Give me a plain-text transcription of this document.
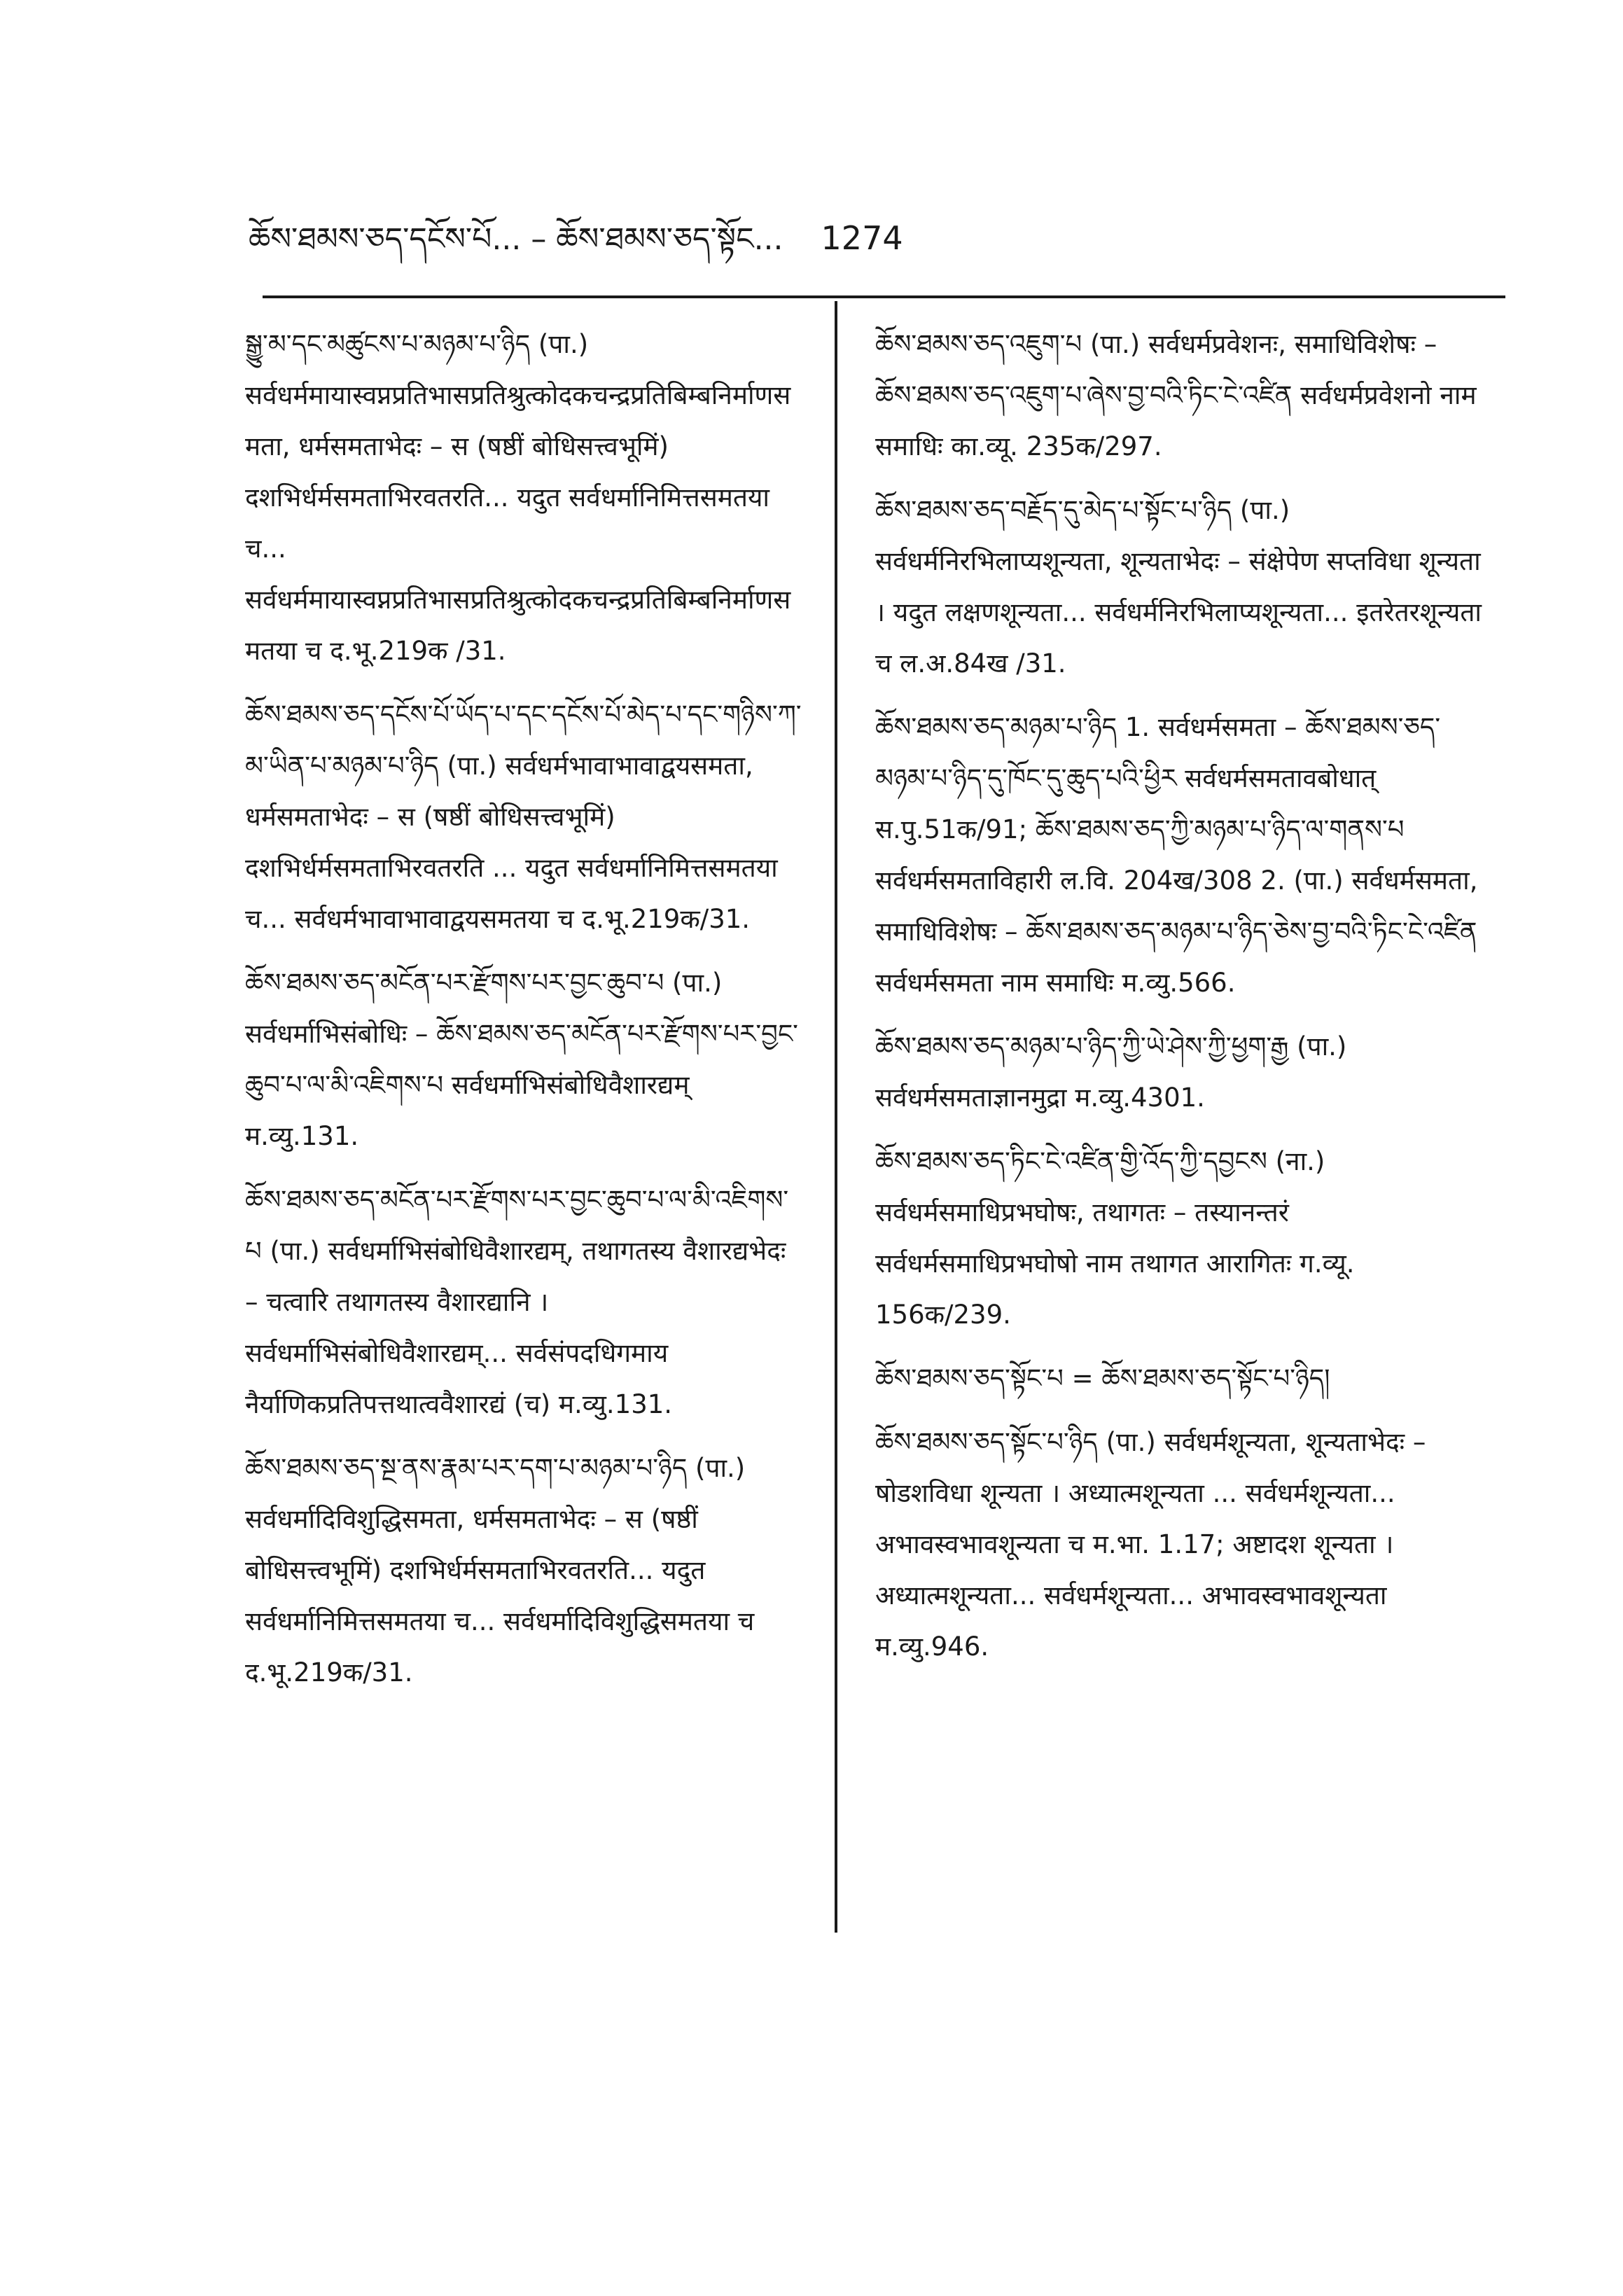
ཆོས་ཐམས་ཅད་དངོས་པོ... – ཆོས་ཐམས་ཅད་སྟོང... 1274
སྒྱུ་མ་དང་མཚུངས་པ་མཉམ་པ་ཉིད (पा.) सर्वधर्ममायास्वप्नप्रतिभासप्रतिश्रुत्कोदकचन्द्रप्रतिबिम्बनिर्माणसमता, धर्मसमताभेदः – स (षष्ठीं बोधिसत्त्वभूमिं) दशभिर्धर्मसमताभिरवतरति... यदुत सर्वधर्मानिमित्तसमतया च... सर्वधर्ममायास्वप्नप्रतिभासप्रतिश्रुत्कोदकचन्द्रप्रतिबिम्बनिर्माणसमतया च द.भू.219क /31.
ཆོས་ཐམས་ཅད་དངོས་པོ་ཡོད་པ་དང་དངོས་པོ་མེད་པ་དང་གཉིས་ཀ་མ་ཡིན་པ་མཉམ་པ་ཉིད (पा.) सर्वधर्मभावाभावाद्वयसमता, धर्मसमताभेदः – स (षष्ठीं बोधिसत्त्वभूमिं) दशभिर्धर्मसमताभिरवतरति ... यदुत सर्वधर्मानिमित्तसमतया च... सर्वधर्मभावाभावाद्वयसमतया च द.भू.219क/31.
ཆོས་ཐམས་ཅད་མངོན་པར་རྫོགས་པར་བྱང་ཆུབ་པ (पा.) सर्वधर्माभिसंबोधिः – ཆོས་ཐམས་ཅད་མངོན་པར་རྫོགས་པར་བྱང་ཆུབ་པ་ལ་མི་འཇིགས་པ सर्वधर्माभिसंबोधिवैशारद्यम् म.व्यु.131.
ཆོས་ཐམས་ཅད་མངོན་པར་རྫོགས་པར་བྱང་ཆུབ་པ་ལ་མི་འཇིགས་པ (पा.) सर्वधर्माभिसंबोधिवैशारद्यम्, तथागतस्य वैशारद्यभेदः – चत्वारि तथागतस्य वैशारद्यानि । सर्वधर्माभिसंबोधिवैशारद्यम्... सर्वसंपदधिगमाय नैर्याणिकप्रतिपत्तथात्ववैशारद्यं (च) म.व्यु.131.
ཆོས་ཐམས་ཅད་སྔ་ནས་རྣམ་པར་དག་པ་མཉམ་པ་ཉིད (पा.) सर्वधर्मादिविशुद्धिसमता, धर्मसमताभेदः – स (षष्ठीं बोधिसत्त्वभूमिं) दशभिर्धर्मसमताभिरवतरति... यदुत सर्वधर्मानिमित्तसमतया च... सर्वधर्मादिविशुद्धिसमतया च द.भू.219क/31.
ཆོས་ཐམས་ཅད་འཇུག་པ (पा.) सर्वधर्मप्रवेशनः, समाधिविशेषः – ཆོས་ཐམས་ཅད་འཇུག་པ་ཞེས་བྱ་བའི་ཏིང་ངེ་འཛིན सर्वधर्मप्रवेशनो नाम समाधिः का.व्यू. 235क/297.
ཆོས་ཐམས་ཅད་བརྗོད་དུ་མེད་པ་སྟོང་པ་ཉིད (पा.) सर्वधर्मनिरभिलाप्यशून्यता, शून्यताभेदः – संक्षेपेण सप्तविधा शून्यता । यदुत लक्षणशून्यता... सर्वधर्मनिरभिलाप्यशून्यता... इतरेतरशून्यता च ल.अ.84ख /31.
ཆོས་ཐམས་ཅད་མཉམ་པ་ཉིད 1. सर्वधर्मसमता – ཆོས་ཐམས་ཅད་མཉམ་པ་ཉིད་དུ་ཁོང་དུ་ཆུད་པའི་ཕྱིར सर्वधर्मसमतावबोधात् स.पु.51क/91; ཆོས་ཐམས་ཅད་ཀྱི་མཉམ་པ་ཉིད་ལ་གནས་པ सर्वधर्मसमताविहारी ल.वि. 204ख/308 2. (पा.) सर्वधर्मसमता, समाधिविशेषः – ཆོས་ཐམས་ཅད་མཉམ་པ་ཉིད་ཅེས་བྱ་བའི་ཏིང་ངེ་འཛིན सर्वधर्मसमता नाम समाधिः म.व्यु.566.
ཆོས་ཐམས་ཅད་མཉམ་པ་ཉིད་ཀྱི་ཡེ་ཤེས་ཀྱི་ཕྱག་རྒྱ (पा.) सर्वधर्मसमताज्ञानमुद्रा म.व्यु.4301.
ཆོས་ཐམས་ཅད་ཏིང་ངེ་འཛིན་གྱི་འོད་ཀྱི་དབྱངས (ना.) सर्वधर्मसमाधिप्रभघोषः, तथागतः – तस्यानन्तरं सर्वधर्मसमाधिप्रभघोषो नाम तथागत आरागितः ग.व्यू. 156क/239.
ཆོས་ཐམས་ཅད་སྟོང་པ = ཆོས་ཐམས་ཅད་སྟོང་པ་ཉིད།
ཆོས་ཐམས་ཅད་སྟོང་པ་ཉིད (पा.) सर्वधर्मशून्यता, शून्यताभेदः – षोडशविधा शून्यता । अध्यात्मशून्यता ... सर्वधर्मशून्यता... अभावस्वभावशून्यता च म.भा. 1.17; अष्टादश शून्यता । अध्यात्मशून्यता... सर्वधर्मशून्यता... अभावस्वभावशून्यता म.व्यु.946.
